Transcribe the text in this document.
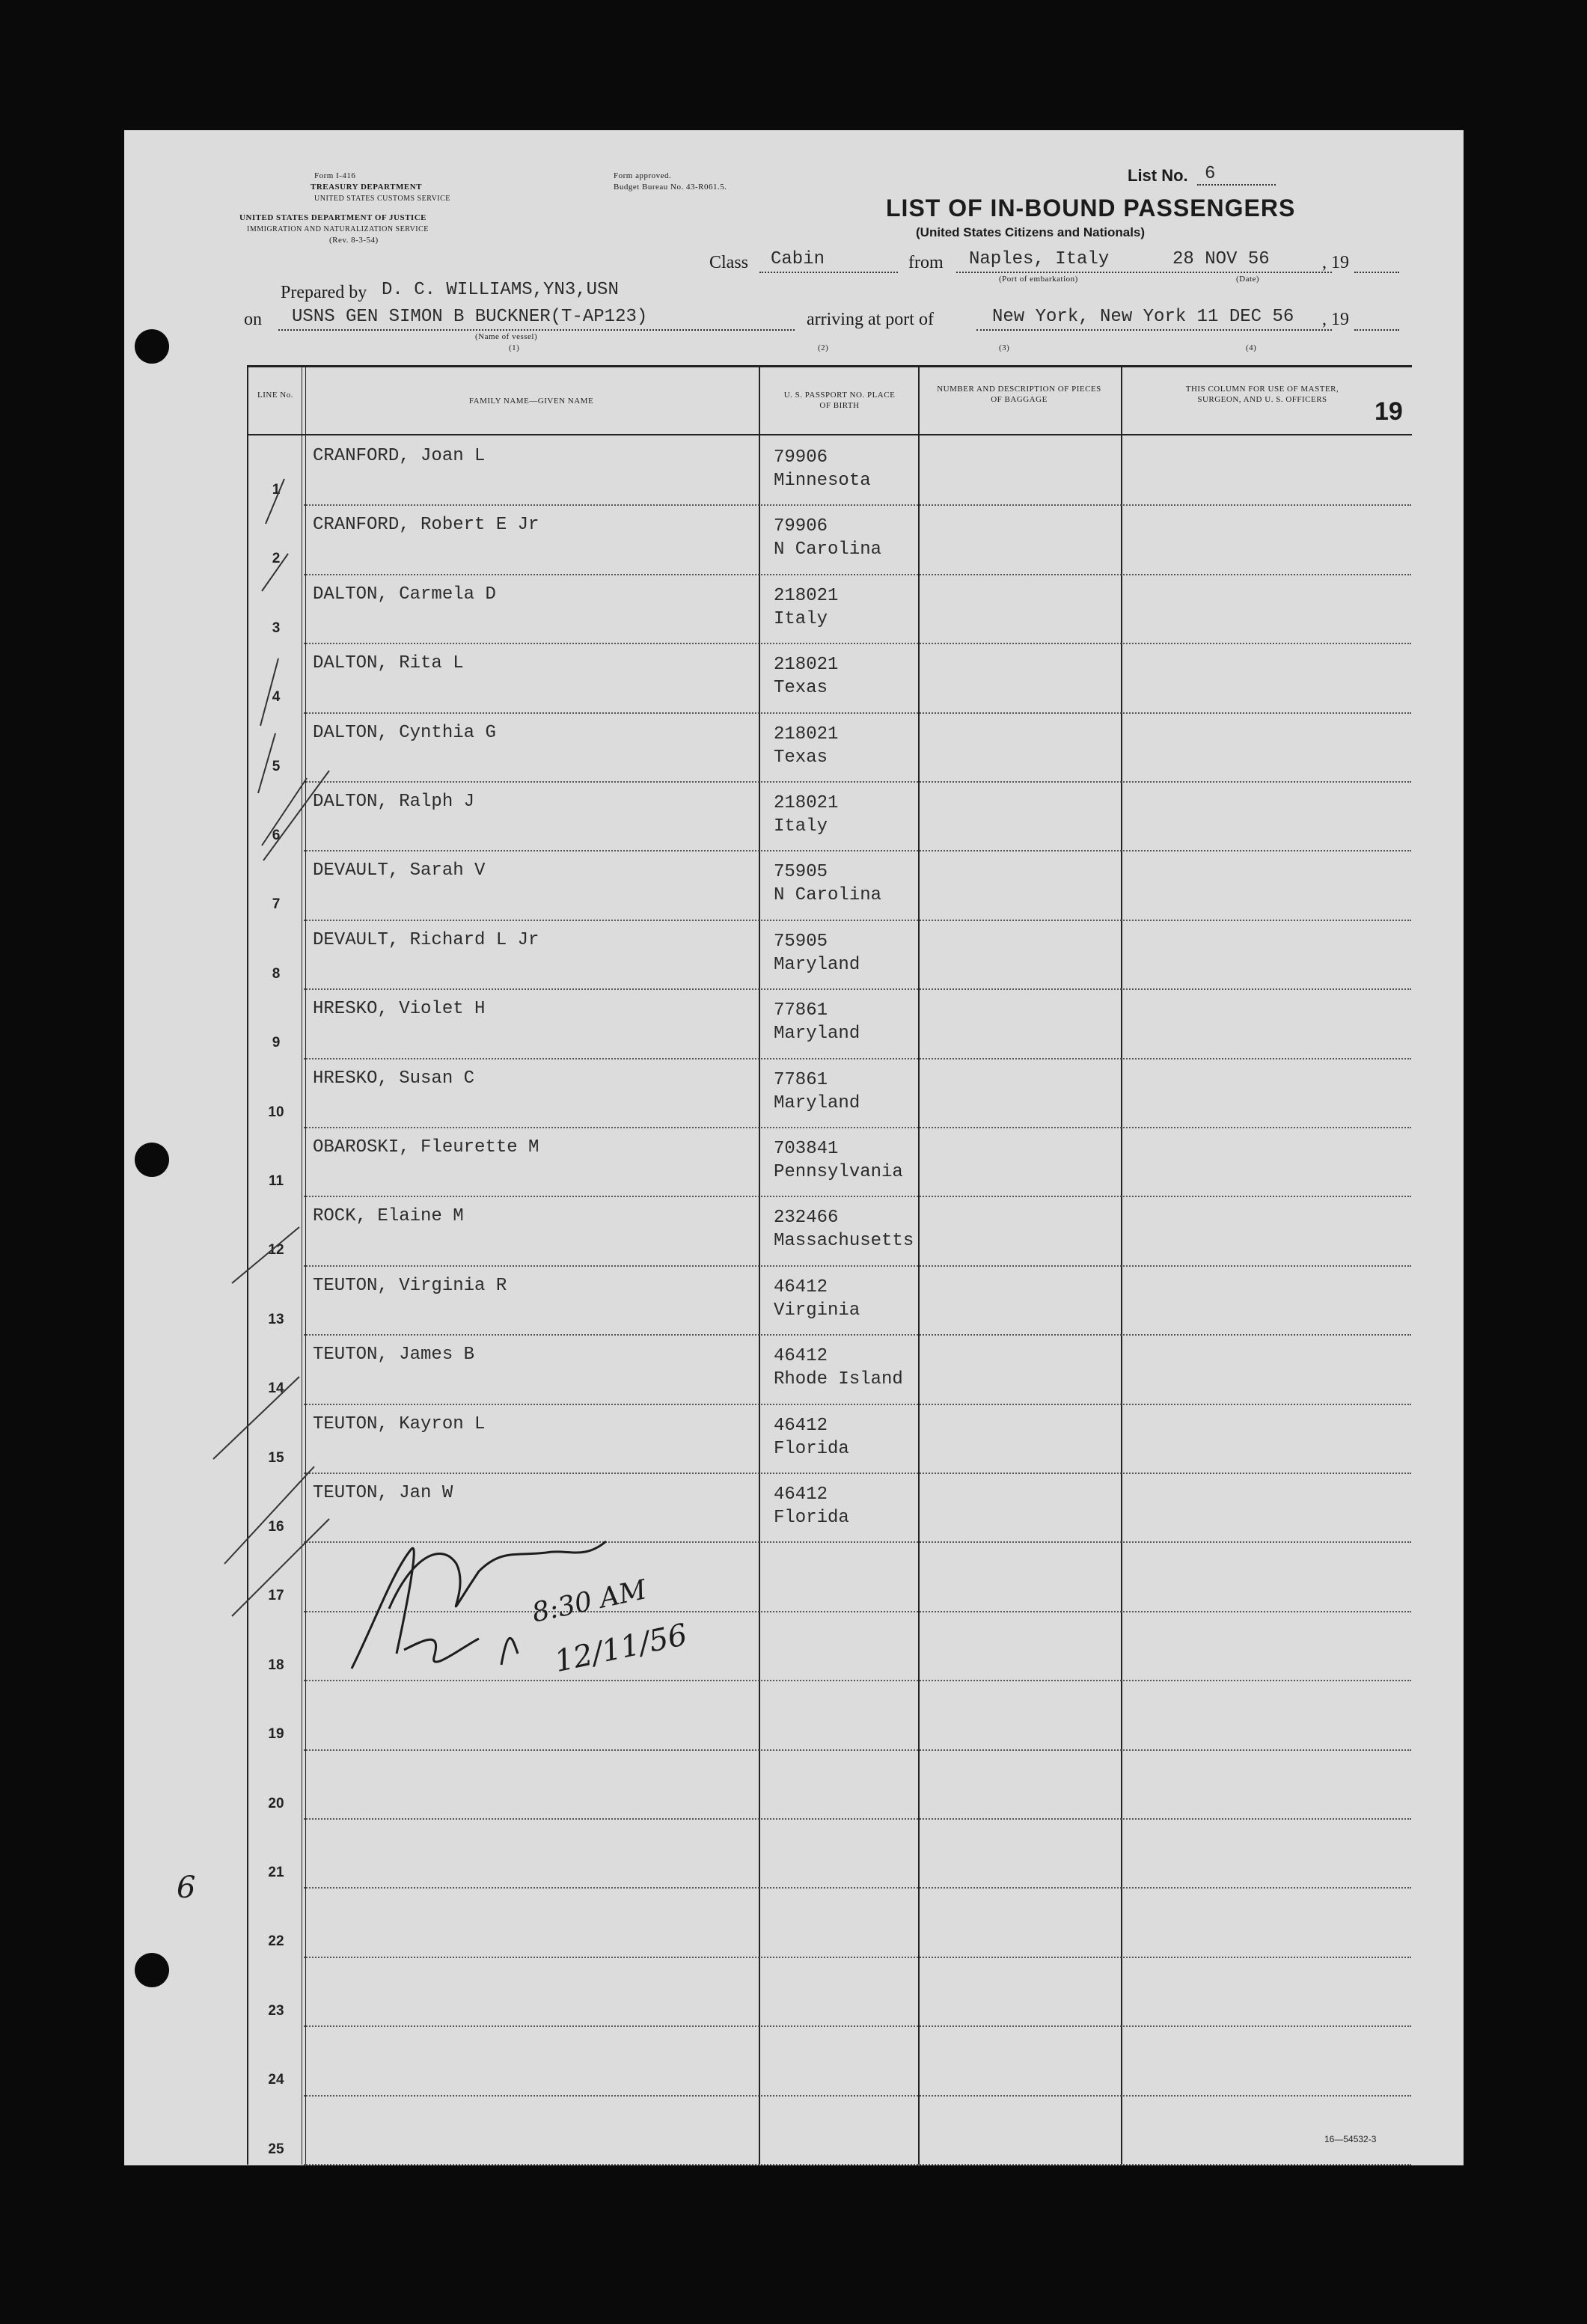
Form I-416
TREASURY DEPARTMENT
UNITED STATES CUSTOMS SERVICE
UNITED STATES DEPARTMENT OF JUSTICE
IMMIGRATION AND NATURALIZATION SERVICE
(Rev. 8-3-54)
Form approved.
Budget Bureau No. 43-R061.5.
List No. 6
LIST OF IN-BOUND PASSENGERS
(United States Citizens and Nationals)
Class Cabin	from Naples, Italy	28 NOV 56	, 19
(Port of embarkation)	(Date)
Prepared by D. C. WILLIAMS,YN3,USN
on USNS GEN SIMON B BUCKNER(T-AP123)
(Name of vessel)
arriving at port of	New York, New York 11 DEC 56 , 19
(1)	(2)	(3)	(4)
LINE No.
FAMILY NAME—GIVEN NAME
U. S. PASSPORT NO. PLACE OF BIRTH
NUMBER AND DESCRIPTION OF PIECES OF BAGGAGE
THIS COLUMN FOR USE OF MASTER, SURGEON, AND U. S. OFFICERS	19
1
CRANFORD, Joan L	79906
Minnesota
2
CRANFORD, Robert E Jr	79906
N Carolina
3
DALTON, Carmela D	218021
Italy
4
DALTON, Rita L	218021
Texas
5
DALTON, Cynthia G	218021
Texas
6
DALTON, Ralph J	218021
Italy
7
DEVAULT, Sarah V	75905
N Carolina
8
DEVAULT, Richard L Jr	75905
Maryland
9
HRESKO, Violet H	77861
Maryland
10
HRESKO, Susan C	77861
Maryland
11
OBAROSKI, Fleurette M	703841
Pennsylvania
12
ROCK, Elaine M	232466
Massachusetts
13
TEUTON, Virginia R	46412
Virginia
14
TEUTON, James B	46412
Rhode Island
15
TEUTON, Kayron L	46412
Florida
16
TEUTON, Jan W	46412
Florida
17
18
19
20
21
22
23
24
25
8:30 AM
12/11/56
6
16—54532-3
